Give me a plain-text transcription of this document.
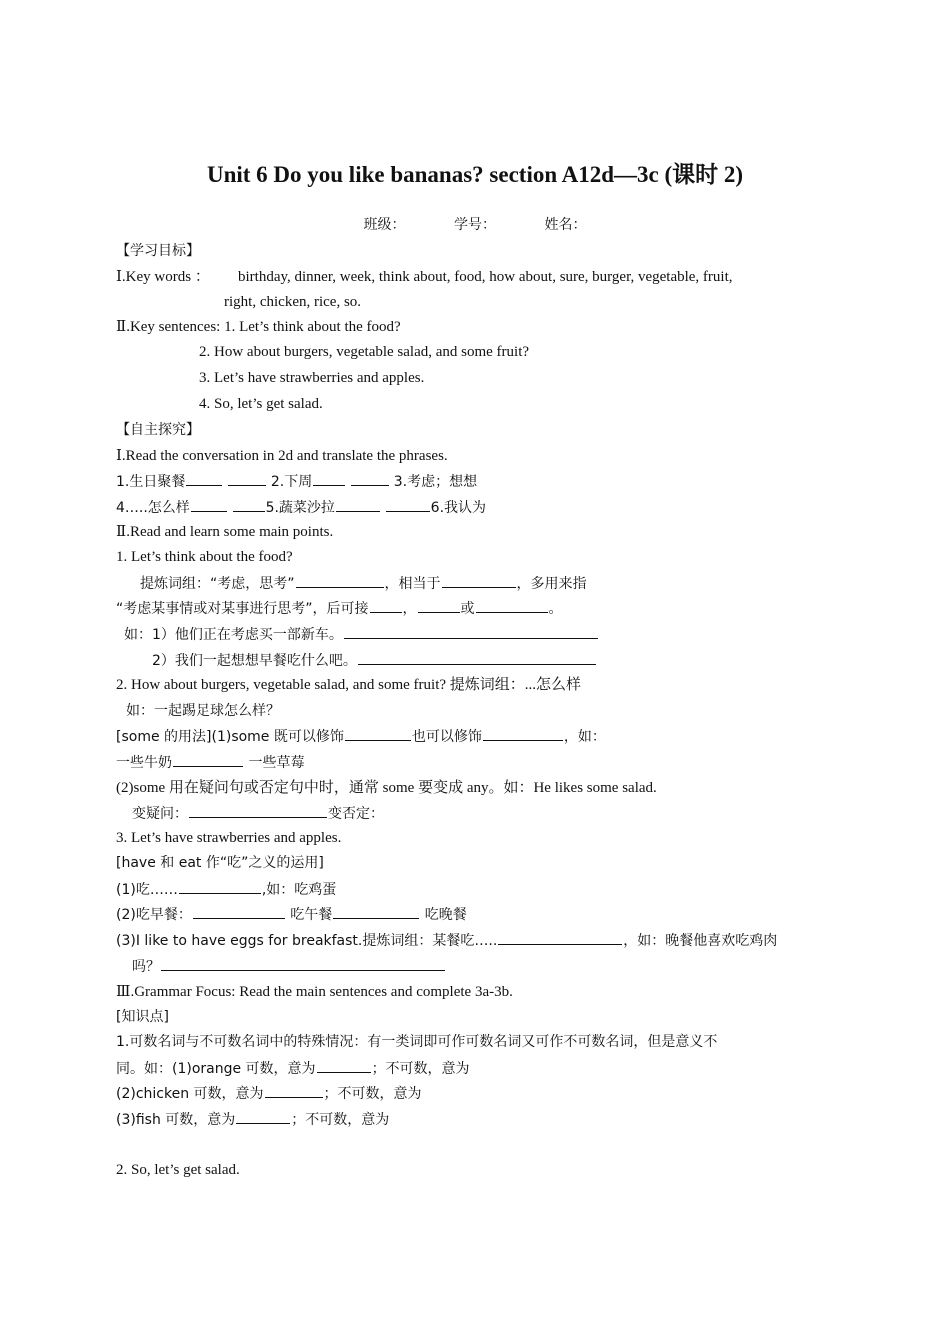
Unit 6 Do you like bananas? section A12d—3c (课时 2)
班级：	学号：	姓名：
【学习目标】
Ⅰ.Key words ： birthday, dinner, week, think about, food, how about, sure, burger, vegetable, fruit,
right, chicken, rice, so.
Ⅱ.Key sentences: 1. Let’s think about the food?
2. How about burgers, vegetable salad, and some fruit?
3. Let’s have strawberries and apples.
4. So, let’s get salad.
【自主探究】
Ⅰ.Read the conversation in 2d and translate the phrases.
1.生日聚餐	2.下周	3.考虑；想想
4…..怎么样	5.蔬菜沙拉	6.我认为
Ⅱ.Read and learn some main points.
1. Let’s think about the food?
提炼词组：“考虑，思考”	，相当于	，多用来指
“考虑某事情或对某事进行思考”，后可接 ，	或	。
如：1）他们正在考虑买一部新车。
2）我们一起想想早餐吃什么吧。
2. How about burgers, vegetable salad, and some fruit? 提炼词组：...怎么样
如：一起踢足球怎么样？
[some 的用法](1)some 既可以修饰	也可以修饰	，如：
一些牛奶	一些草莓
(2)some 用在疑问句或否定句中时，通常 some 要变成 any。如：He likes some salad.
变疑问：	变否定：
3. Let’s have strawberries and apples.
[have 和 eat 作“吃”之义的运用]
(1)吃……	,如：吃鸡蛋
(2)吃早餐：	吃午餐	吃晚餐
(3)I like to have eggs for breakfast.提炼词组：某餐吃…..	，如：晚餐他喜欢吃鸡肉
吗？
Ⅲ.Grammar Focus: Read the main sentences and complete 3a-3b.
[知识点]
1.可数名词与不可数名词中的特殊情况：有一类词即可作可数名词又可作不可数名词，但是意义不
同。如：(1)orange 可数，意为	；不可数，意为
(2)chicken 可数，意为	；不可数，意为
(3)fish 可数，意为	；不可数，意为
2. So, let’s get salad.
